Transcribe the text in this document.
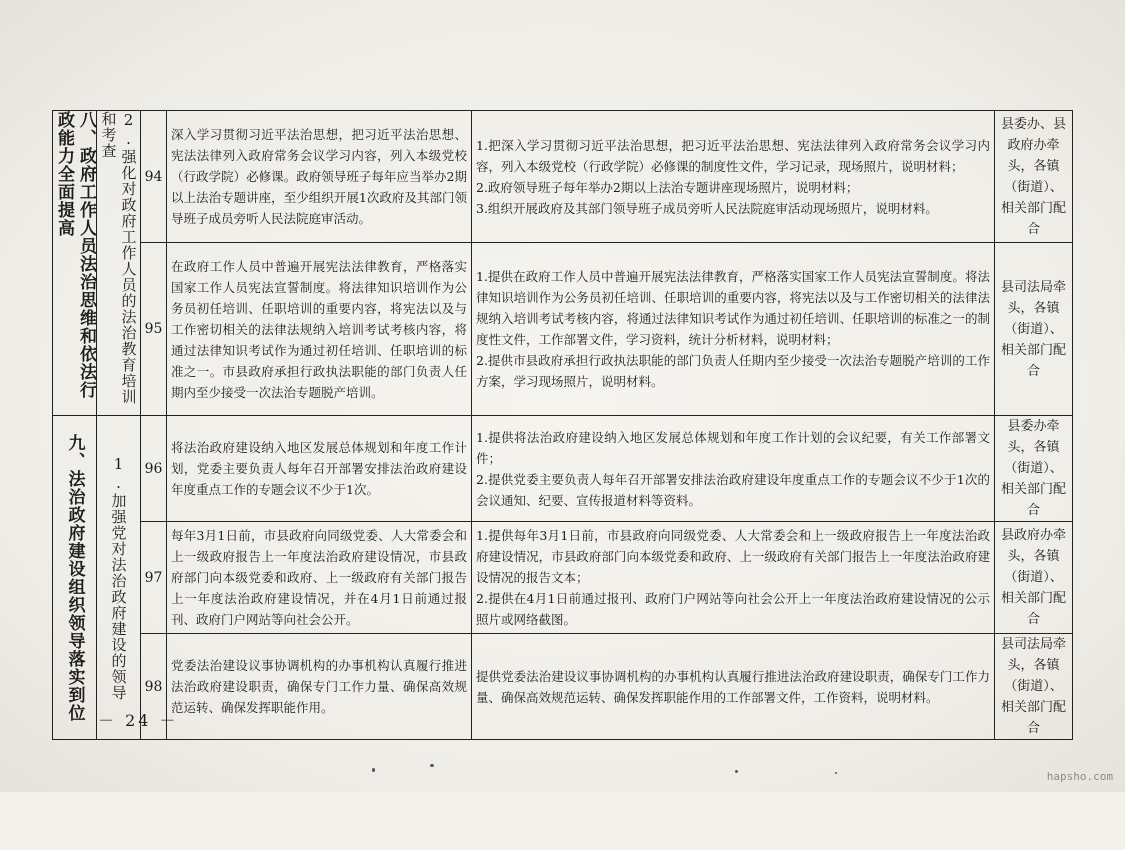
八、政府工作人员法治思维和依法行政能力全面提高	2.强化对政府工作人员的法治教育培训和考查	94	深入学习贯彻习近平法治思想，把习近平法治思想、宪法法律列入政府常务会议学习内容，列入本级党校（行政学院）必修课。政府领导班子每年应当举办2期以上法治专题讲座，至少组织开展1次政府及其部门领导班子成员旁听人民法院庭审活动。	1.把深入学习贯彻习近平法治思想，把习近平法治思想、宪法法律列入政府常务会议学习内容，列入本级党校（行政学院）必修课的制度性文件，学习记录，现场照片，说明材料；
2.政府领导班子每年举办2期以上法治专题讲座现场照片，说明材料；
3.组织开展政府及其部门领导班子成员旁听人民法院庭审活动现场照片，说明材料。	县委办、县政府办牵头，各镇（街道）、相关部门配合

		95	在政府工作人员中普遍开展宪法法律教育，严格落实国家工作人员宪法宣誓制度。将法律知识培训作为公务员初任培训、任职培训的重要内容，将宪法以及与工作密切相关的法律法规纳入培训考试考核内容，将通过法律知识考试作为通过初任培训、任职培训的标准之一。市县政府承担行政执法职能的部门负责人任期内至少接受一次法治专题脱产培训。	1.提供在政府工作人员中普遍开展宪法法律教育，严格落实国家工作人员宪法宣誓制度。将法律知识培训作为公务员初任培训、任职培训的重要内容，将宪法以及与工作密切相关的法律法规纳入培训考试考核内容，将通过法律知识考试作为通过初任培训、任职培训的标准之一的制度性文件，工作部署文件，学习资料，统计分析材料，说明材料；
2.提供市县政府承担行政执法职能的部门负责人任期内至少接受一次法治专题脱产培训的工作方案，学习现场照片，说明材料。	县司法局牵头，各镇（街道）、相关部门配合

九、法治政府建设组织领导落实到位	1.加强党对法治政府建设的领导	96	将法治政府建设纳入地区发展总体规划和年度工作计划，党委主要负责人每年召开部署安排法治政府建设年度重点工作的专题会议不少于1次。	1.提供将法治政府建设纳入地区发展总体规划和年度工作计划的会议纪要，有关工作部署文件；
2.提供党委主要负责人每年召开部署安排法治政府建设年度重点工作的专题会议不少于1次的会议通知、纪要、宣传报道材料等资料。	县委办牵头，各镇（街道）、相关部门配合

		97	每年3月1日前，市县政府向同级党委、人大常委会和上一级政府报告上一年度法治政府建设情况，市县政府部门向本级党委和政府、上一级政府有关部门报告上一年度法治政府建设情况，并在4月1日前通过报刊、政府门户网站等向社会公开。	1.提供每年3月1日前，市县政府向同级党委、人大常委会和上一级政府报告上一年度法治政府建设情况，市县政府部门向本级党委和政府、上一级政府有关部门报告上一年度法治政府建设情况的报告文本；
2.提供在4月1日前通过报刊、政府门户网站等向社会公开上一年度法治政府建设情况的公示照片或网络截图。	县政府办牵头，各镇（街道）、相关部门配合

		98	党委法治建设议事协调机构的办事机构认真履行推进法治政府建设职责，确保专门工作力量、确保高效规范运转、确保发挥职能作用。	提供党委法治建设议事协调机构的办事机构认真履行推进法治政府建设职责，确保专门工作力量、确保高效规范运转、确保发挥职能作用的工作部署文件，工作资料，说明材料。	县司法局牵头，各镇（街道）、相关部门配合
－ 24 －
hapsho.com
